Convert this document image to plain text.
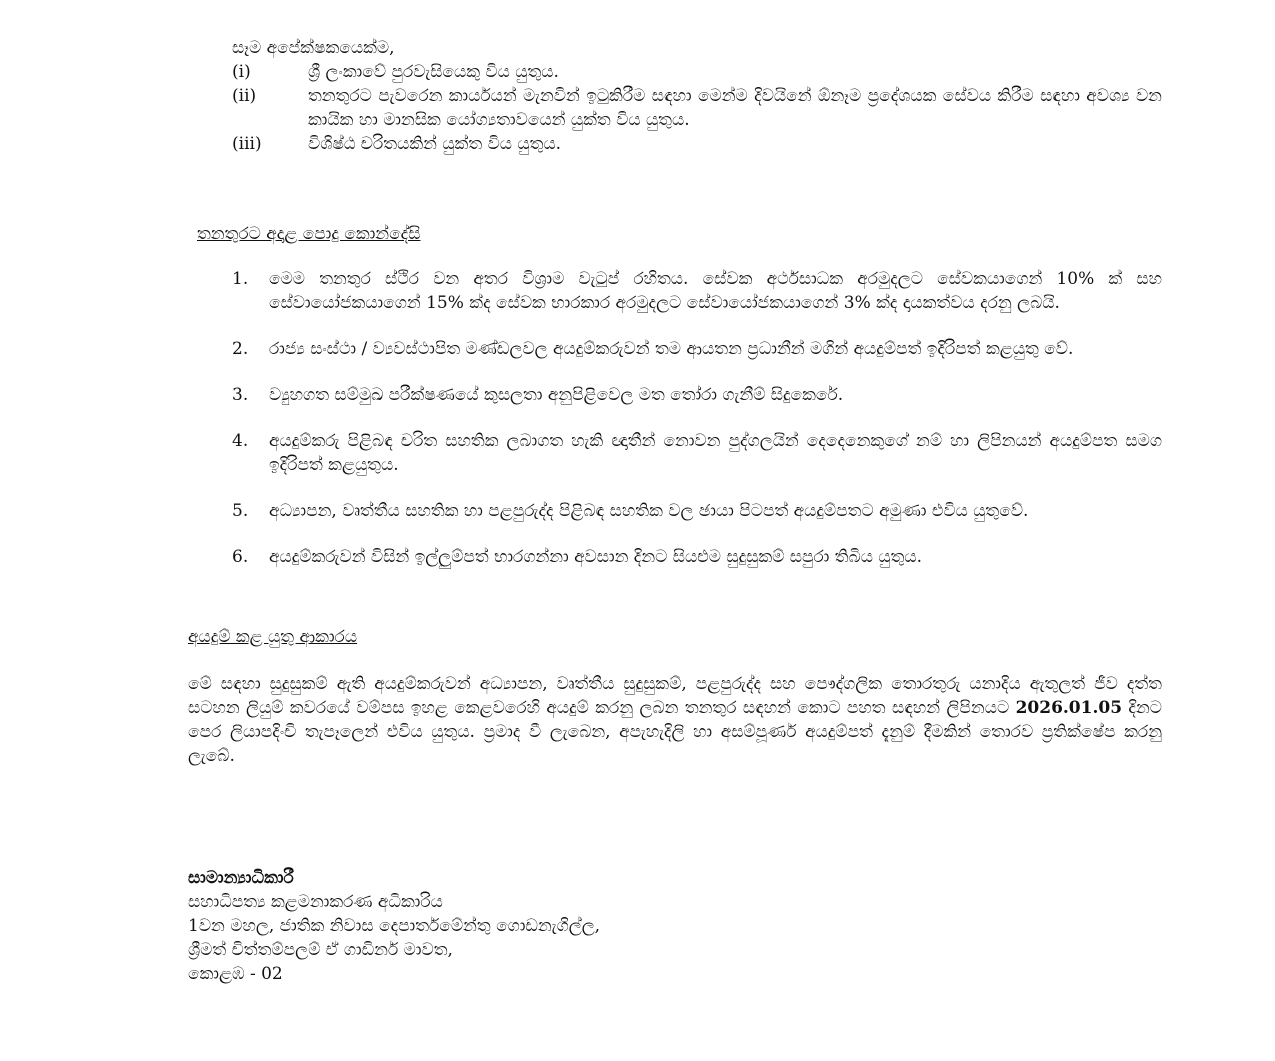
සෑම අපේක්ෂකයෙක්ම,
(i)	ශ්‍රී ලංකාවේ පුරවැසියෙකු විය යුතුය.
(ii)	තනතුරට පැවරෙන කාර්යයන් මැනවින් ඉටුකිරීම සඳහා මෙන්ම දිවයිනේ ඕනෑම ප්‍රදේශයක සේවය කිරීම සඳහා අවශ්‍ය වන කායික හා මානසික යෝග්‍යතාවයෙන් යුක්ත විය යුතුය.
(iii)	විශිෂ්ඨ චරිතයකින් යුක්ත විය යුතුය.
තනතුරට අදාළ පොදු කොන්දේසි
1.	මෙම තනතුර ස්ථිර වන අතර විශ්‍රාම වැටුප් රහිතය. සේවක අර්ථසාධක අරමුදලට සේවකයාගෙන් 10% ක් සහ සේවායෝජකයාගෙන් 15% ක්ද සේවක භාරකාර අරමුදලට සේවායෝජකයාගෙන් 3% ක්ද දායකත්වය දරනු ලබයි.
2.	රාජ්‍ය සංස්ථා / ව්‍යවස්ථාපිත මණ්ඩලවල අයදුම්කරුවන් තම ආයතන ප්‍රධානීන් මගින් අයදුම්පත් ඉදිරිපත් කළයුතු වේ.
3.	ව්‍යුහගත සම්මුඛ පරීක්ෂණයේ කුසලතා අනුපිළිවෙල මත තෝරා ගැනීම් සිදුකෙරේ.
4.	අයදුම්කරු පිළිබඳ චරිත සහතික ලබාගත හැකි ඥාතීන් නොවන පුද්ගලයින් දෙදෙනෙකුගේ නම් හා ලිපිනයන් අයදුම්පත සමග ඉදිරිපත් කළයුතුය.
5.	අධ්‍යාපන, වෘත්තීය සහතික හා පළපුරුද්ද පිළිබඳ සහතික වල ඡායා පිටපත් අයදුම්පතට අමුණා එවිය යුතුවේ.
6.	අයදුම්කරුවන් විසින් ඉල්ලුම්පත් භාරගන්නා අවසාන දිනට සියළුම සුදුසුකම් සපුරා තිබිය යුතුය.
අයදුම් කළ යුතු ආකාරය
මේ සඳහා සුදුසුකම් ඇති අයදුම්කරුවන් අධ්‍යාපන, වෘත්තීය සුදුසුකම්, පළපුරුද්ද සහ පෞද්ගලික තොරතුරු යනාදිය ඇතුලත් ජීව දත්ත සටහන ලියුම් කවරයේ වම්පස ඉහළ කෙළවරෙහි අයදුම් කරනු ලබන තනතුර සඳහන් කොට පහත සඳහන් ලිපිනයට 2026.01.05 දිනට පෙර ලියාපදිංචි තැපෑලෙන් එවිය යුතුය. ප්‍රමාද වී ලැබෙන, අපැහැදිලි හා අසම්පූර්ණ අයදුම්පත් දැනුම් දීමකින් තොරව ප්‍රතික්ෂේප කරනු ලැබේ.
සාමාන්‍යාධිකාරී
සහාධිපත්‍ය කළමනාකරණ අධිකාරිය
1වන මහල, ජාතික නිවාස දෙපාර්තමේන්තු ගොඩනැගිල්ල,
ශ්‍රීමත් චිත්තම්පලම් ඒ ගාඩිනර් මාවත,
කොළඹ - 02
